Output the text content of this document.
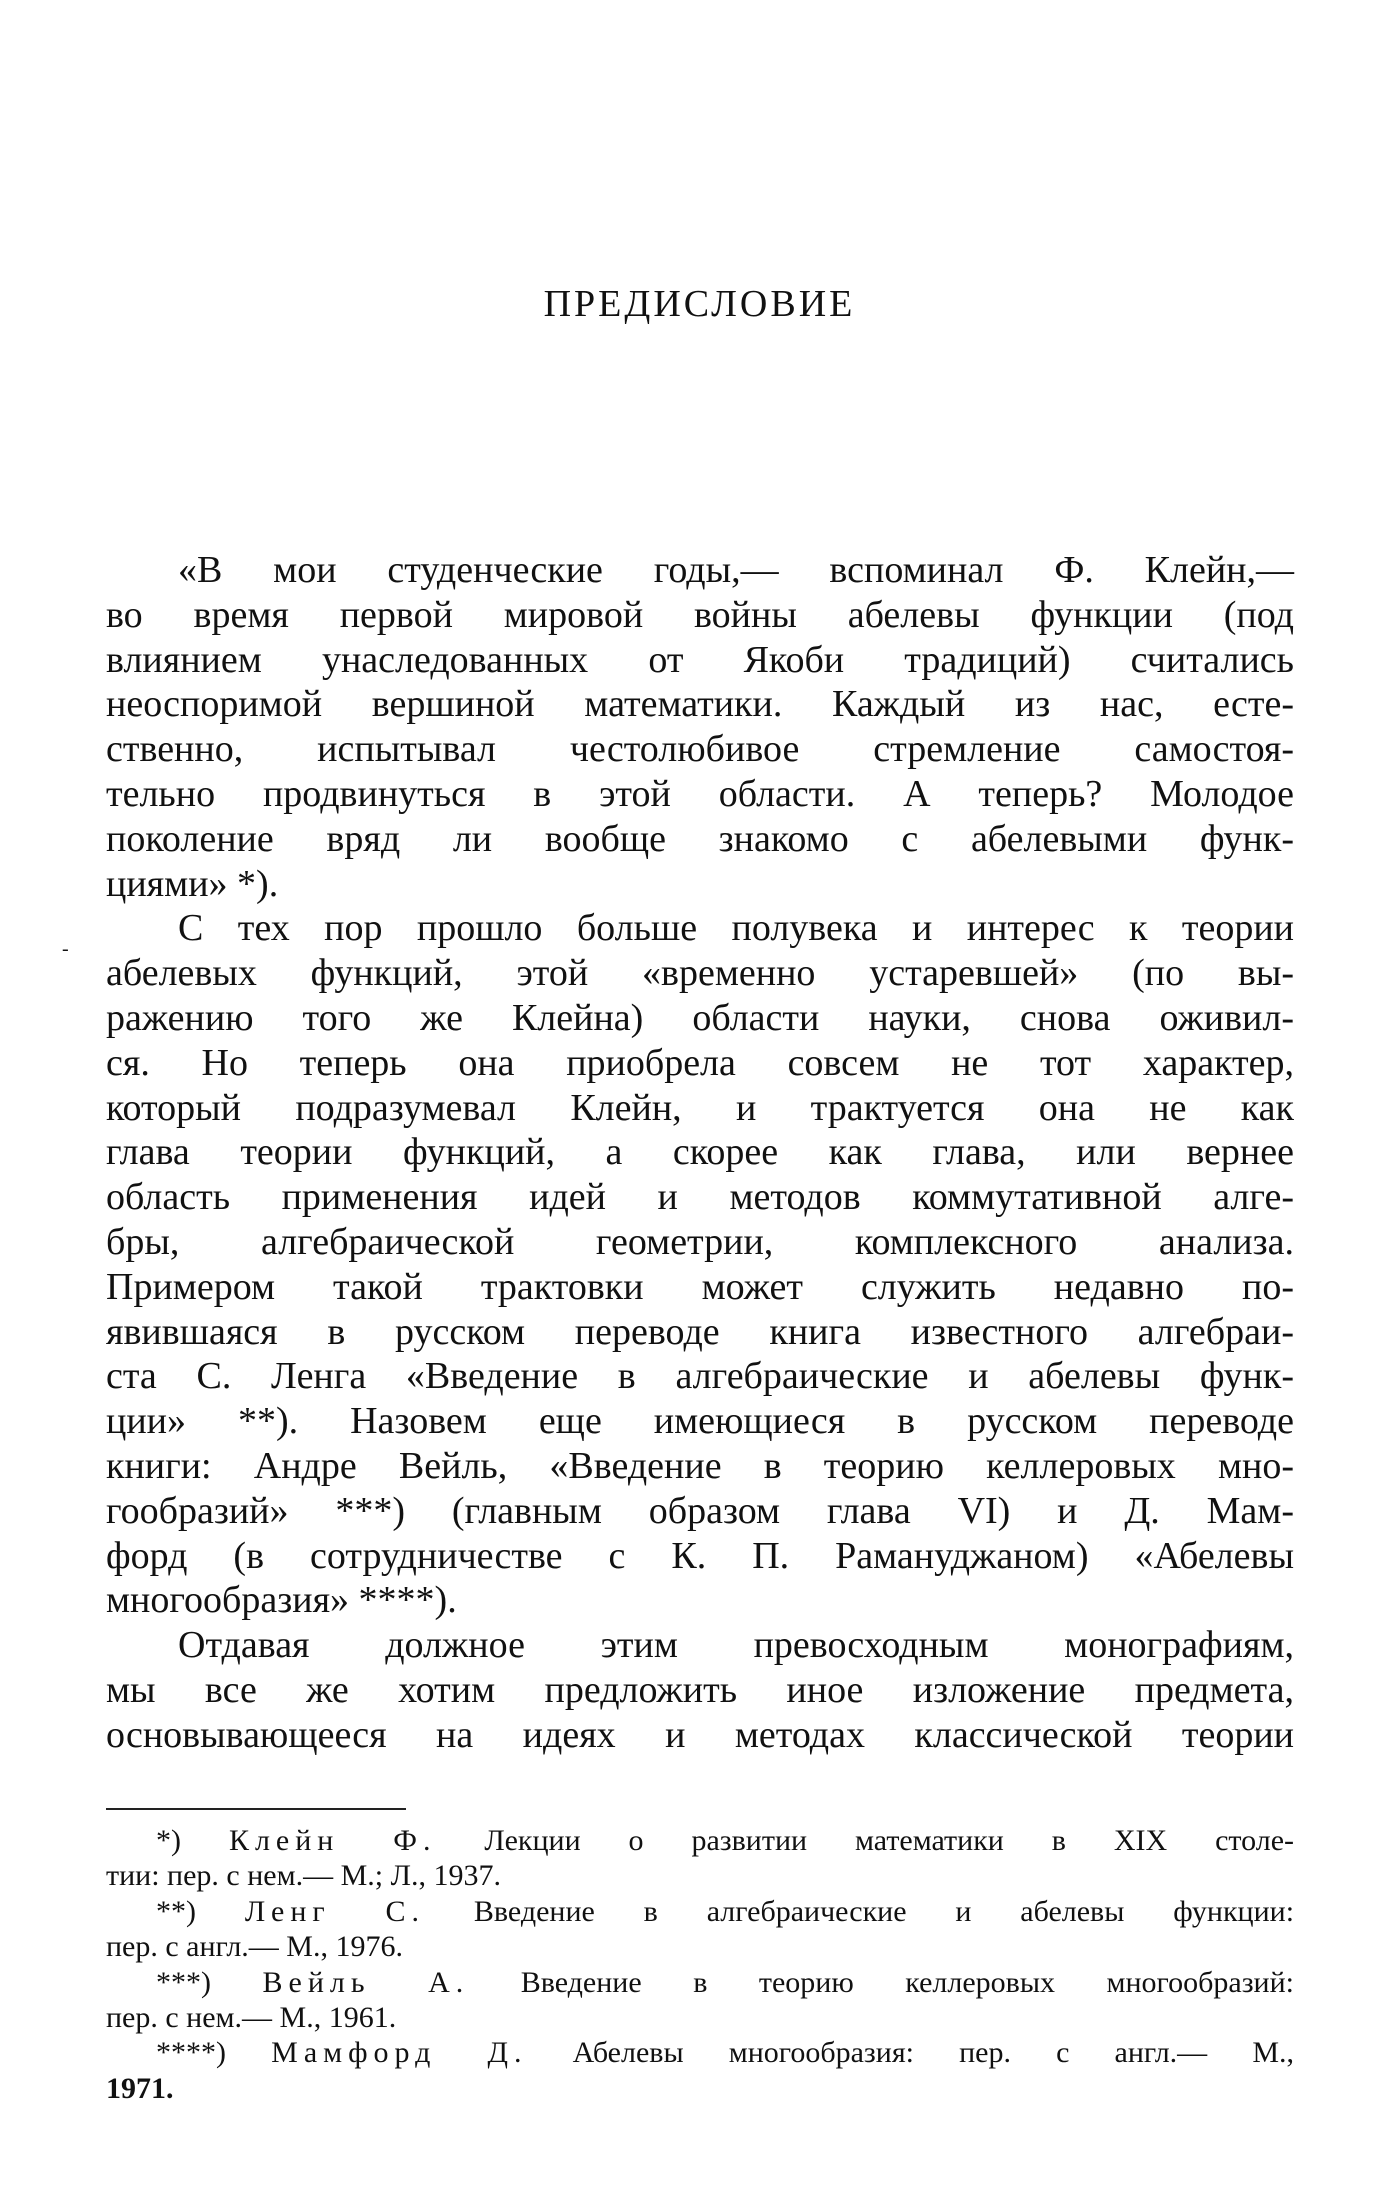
ПРЕДИСЛОВИЕ
-
«В мои студенческие годы,— вспоминал Ф. Клейн,—
во время первой мировой войны абелевы функции (под
влиянием унаследованных от Якоби традиций) считались
неоспоримой вершиной математики. Каждый из нас, есте-
ственно, испытывал честолюбивое стремление самостоя-
тельно продвинуться в этой области. А теперь? Молодое
поколение вряд ли вообще знакомо с абелевыми функ-
циями» *).
С тех пор прошло больше полувека и интерес к теории
абелевых функций, этой «временно устаревшей» (по вы-
ражению того же Клейна) области науки, снова оживил-
ся. Но теперь она приобрела совсем не тот характер,
который подразумевал Клейн, и трактуется она не как
глава теории функций, а скорее как глава, или вернее
область применения идей и методов коммутативной алге-
бры, алгебраической геометрии, комплексного анализа.
Примером такой трактовки может служить недавно по-
явившаяся в русском переводе книга известного алгебраи-
ста С. Ленга «Введение в алгебраические и абелевы функ-
ции» **). Назовем еще имеющиеся в русском переводе
книги: Андре Вейль, «Введение в теорию келлеровых мно-
гообразий» ***) (главным образом глава VI) и Д. Мам-
форд (в сотрудничестве с К. П. Рамануджаном) «Абелевы
многообразия» ****).
Отдавая должное этим превосходным монографиям,
мы все же хотим предложить иное изложение предмета,
основывающееся на идеях и методах классической теории
*) Клейн Ф. Лекции о развитии математики в XIX столе-
тии: пер. с нем.— М.; Л., 1937.
**) Ленг С. Введение в алгебраические и абелевы функции:
пер. с англ.— М., 1976.
***) Вейль А. Введение в теорию келлеровых многообразий:
пер. с нем.— М., 1961.
****) Мамфорд Д. Абелевы многообразия: пер. с англ.— М.,
1971.
